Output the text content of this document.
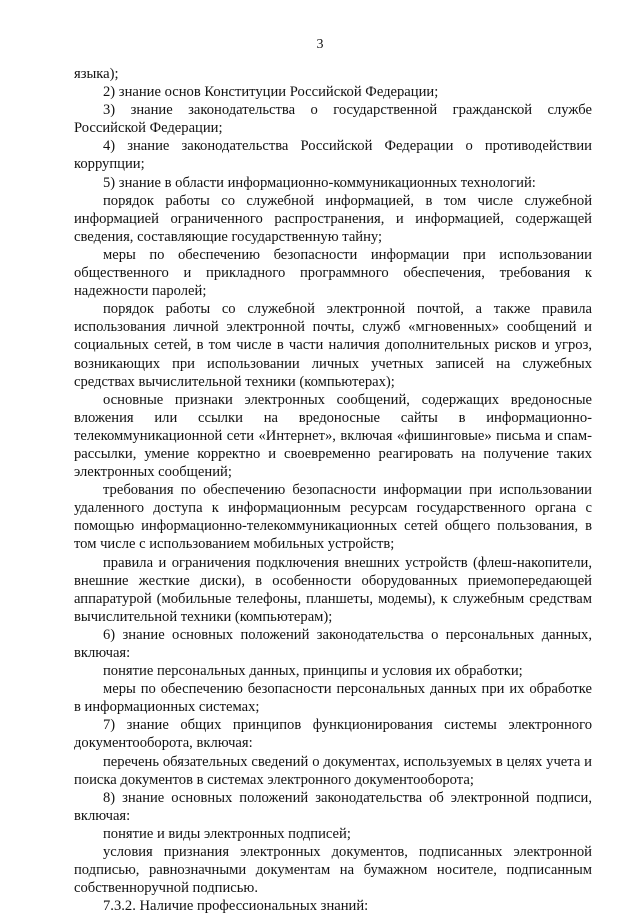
3

языка);

2) знание основ Конституции Российской Федерации;

3) знание законодательства о государственной гражданской службе Российской Федерации;

4) знание законодательства Российской Федерации о противодействии коррупции;

5) знание в области информационно-коммуникационных технологий:

порядок работы со служебной информацией, в том числе служебной информацией ограниченного распространения, и информацией, содержащей сведения, составляющие государственную тайну;

меры по обеспечению безопасности информации при использовании общественного и прикладного программного обеспечения, требования к надежности паролей;

порядок работы со служебной электронной почтой, а также правила использования личной электронной почты, служб «мгновенных» сообщений и социальных сетей, в том числе в части наличия дополнительных рисков и угроз, возникающих при использовании личных учетных записей на служебных средствах вычислительной техники (компьютерах);

основные признаки электронных сообщений, содержащих вредоносные вложения или ссылки на вредоносные сайты в информационно-телекоммуникационной сети «Интернет», включая «фишинговые» письма и спам-рассылки, умение корректно и своевременно реагировать на получение таких электронных сообщений;

требования по обеспечению безопасности информации при использовании удаленного доступа к информационным ресурсам государственного органа с помощью информационно-телекоммуникационных сетей общего пользования, в том числе с использованием мобильных устройств;

правила и ограничения подключения внешних устройств (флеш-накопители, внешние жесткие диски), в особенности оборудованных приемопередающей аппаратурой (мобильные телефоны, планшеты, модемы), к служебным средствам вычислительной техники (компьютерам);

6) знание основных положений законодательства о персональных данных, включая:

понятие персональных данных, принципы и условия их обработки;

меры по обеспечению безопасности персональных данных при их обработке в информационных системах;

7) знание общих принципов функционирования системы электронного документооборота, включая:

перечень обязательных сведений о документах, используемых в целях учета и поиска документов в системах электронного документооборота;

8) знание основных положений законодательства об электронной подписи, включая:

понятие и виды электронных подписей;

условия признания электронных документов, подписанных электронной подписью, равнозначными документам на бумажном носителе, подписанным собственноручной подписью.

7.3.2. Наличие профессиональных знаний:
